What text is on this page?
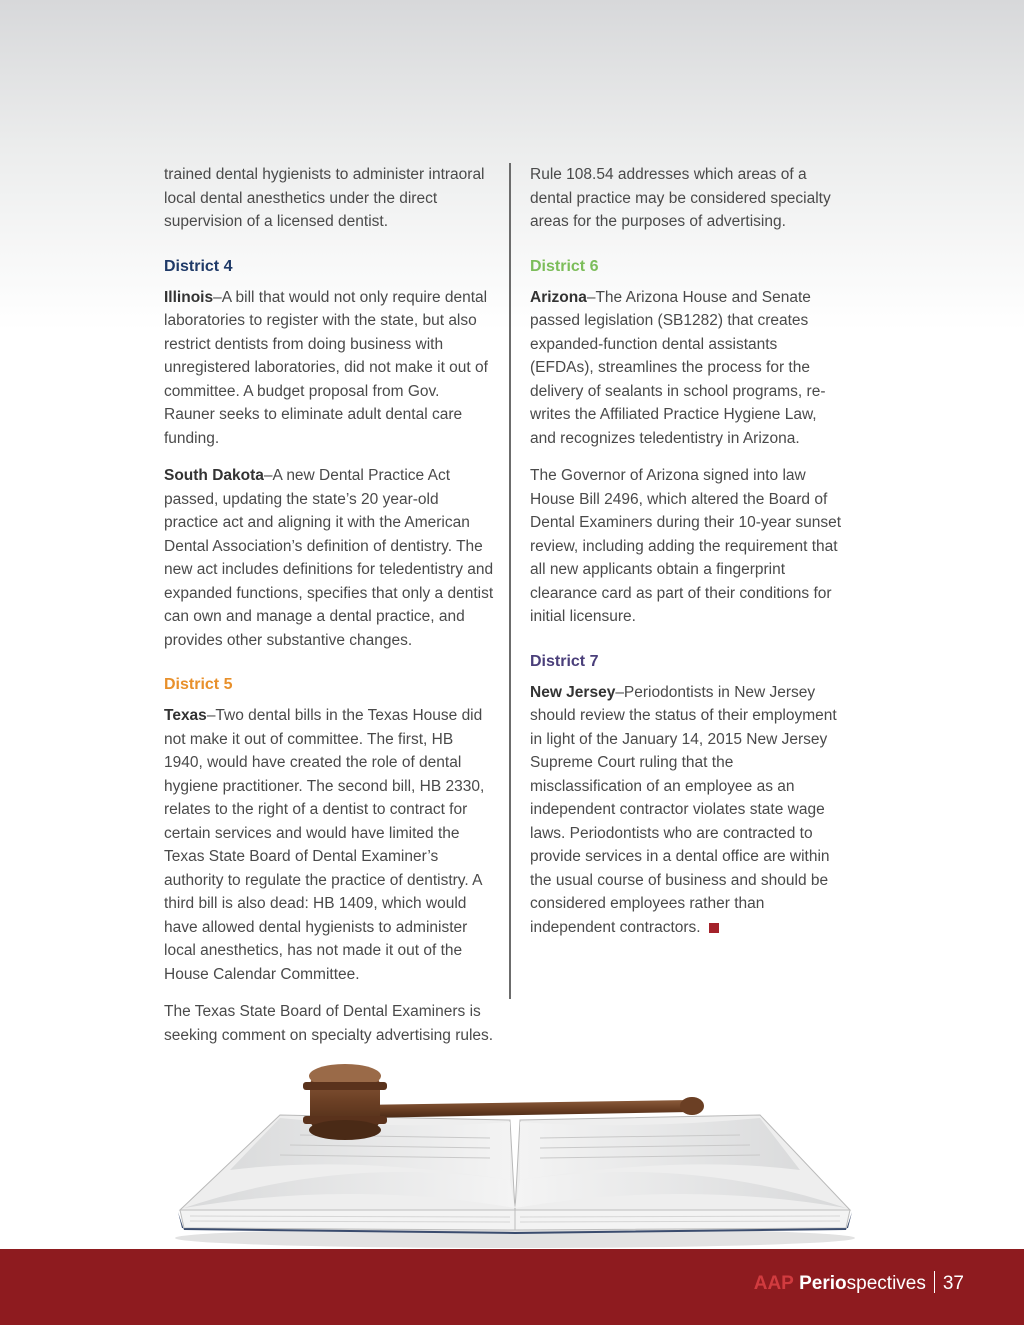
trained dental hygienists to administer intraoral local dental anesthetics under the direct supervision of a licensed dentist.

District 4

Illinois–A bill that would not only require dental laboratories to register with the state, but also restrict dentists from doing business with unregistered laboratories, did not make it out of committee. A budget proposal from Gov. Rauner seeks to eliminate adult dental care funding.

South Dakota–A new Dental Practice Act passed, updating the state’s 20 year-old practice act and aligning it with the American Dental Association’s definition of dentistry. The new act includes definitions for teledentistry and expanded functions, specifies that only a dentist can own and manage a dental practice, and provides other substantive changes.

District 5

Texas–Two dental bills in the Texas House did not make it out of committee. The first, HB 1940, would have created the role of dental hygiene practitioner. The second bill, HB 2330, relates to the right of a dentist to contract for certain services and would have limited the Texas State Board of Dental Examiner’s authority to regulate the practice of dentistry. A third bill is also dead: HB 1409, which would have allowed dental hygienists to administer local anesthetics, has not made it out of the House Calendar Committee.

The Texas State Board of Dental Examiners is seeking comment on specialty advertising rules.

Rule 108.54 addresses which areas of a dental practice may be considered specialty areas for the purposes of advertising.

District 6

Arizona–The Arizona House and Senate passed legislation (SB1282) that creates expanded-function dental assistants (EFDAs), streamlines the process for the delivery of sealants in school programs, re-writes the Affiliated Practice Hygiene Law, and recognizes teledentistry in Arizona.

The Governor of Arizona signed into law House Bill 2496, which altered the Board of Dental Examiners during their 10-year sunset review, including adding the requirement that all new applicants obtain a fingerprint clearance card as part of their conditions for initial licensure.

District 7

New Jersey–Periodontists in New Jersey should review the status of their employment in light of the January 14, 2015 New Jersey Supreme Court ruling that the misclassification of an employee as an independent contractor violates state wage laws. Periodontists who are contracted to provide services in a dental office are within the usual course of business and should be considered employees rather than independent contractors.

AAP Periospectives 37
